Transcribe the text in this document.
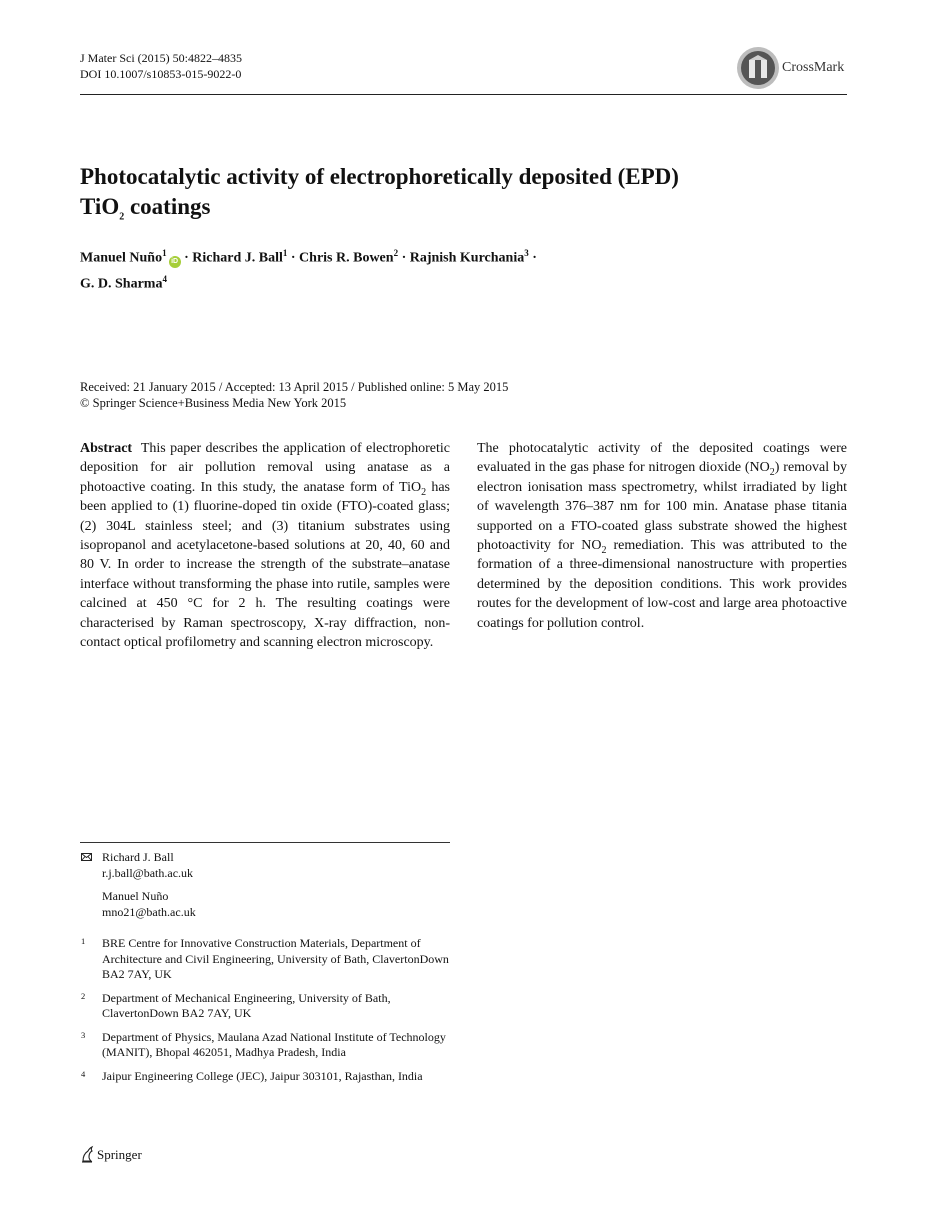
J Mater Sci (2015) 50:4822–4835
DOI 10.1007/s10853-015-9022-0	CrossMark
Photocatalytic activity of electrophoretically deposited (EPD)
TiO$_2$ coatings
Manuel Nuño$^1$iD · Richard J. Ball$^1$ · Chris R. Bowen$^2$ · Rajnish Kurchania$^3$ ·
G. D. Sharma$^4$
Received: 21 January 2015 / Accepted: 13 April 2015 / Published online: 5 May 2015
© Springer Science+Business Media New York 2015
Abstract This paper describes the application of electrophoretic deposition for air pollution removal using anatase as a photoactive coating. In this study, the anatase form of TiO$_2$ has been applied to (1) fluorine-doped tin oxide (FTO)-coated glass; (2) 304L stainless steel; and (3) titanium substrates using isopropanol and acetylacetone-based solutions at 20, 40, 60 and 80 V. In order to increase the strength of the substrate–anatase interface without transforming the phase into rutile, samples were calcined at 450 °C for 2 h. The resulting coatings were characterised by Raman spectroscopy, X-ray diffraction, non-contact optical profilometry and scanning electron microscopy.
The photocatalytic activity of the deposited coatings were evaluated in the gas phase for nitrogen dioxide $(NO_2)$ removal by electron ionisation mass spectrometry, whilst irradiated by light of wavelength 376–387 nm for 100 min. Anatase phase titania supported on a FTO-coated glass substrate showed the highest photoactivity for $NO_2$ remediation. This was attributed to the formation of a three-dimensional nanostructure with properties determined by the deposition conditions. This work provides routes for the development of low-cost and large area photoactive coatings for pollution control.
Richard J. Ball
r.j.ball@bath.ac.uk
Manuel Nuño
mno21@bath.ac.uk
1 BRE Centre for Innovative Construction Materials, Department of Architecture and Civil Engineering, University of Bath, ClavertonDown BA2 7AY, UK
2 Department of Mechanical Engineering, University of Bath, ClavertonDown BA2 7AY, UK
3 Department of Physics, Maulana Azad National Institute of Technology (MANIT), Bhopal 462051, Madhya Pradesh, India
4 Jaipur Engineering College (JEC), Jaipur 303101, Rajasthan, India
Springer
